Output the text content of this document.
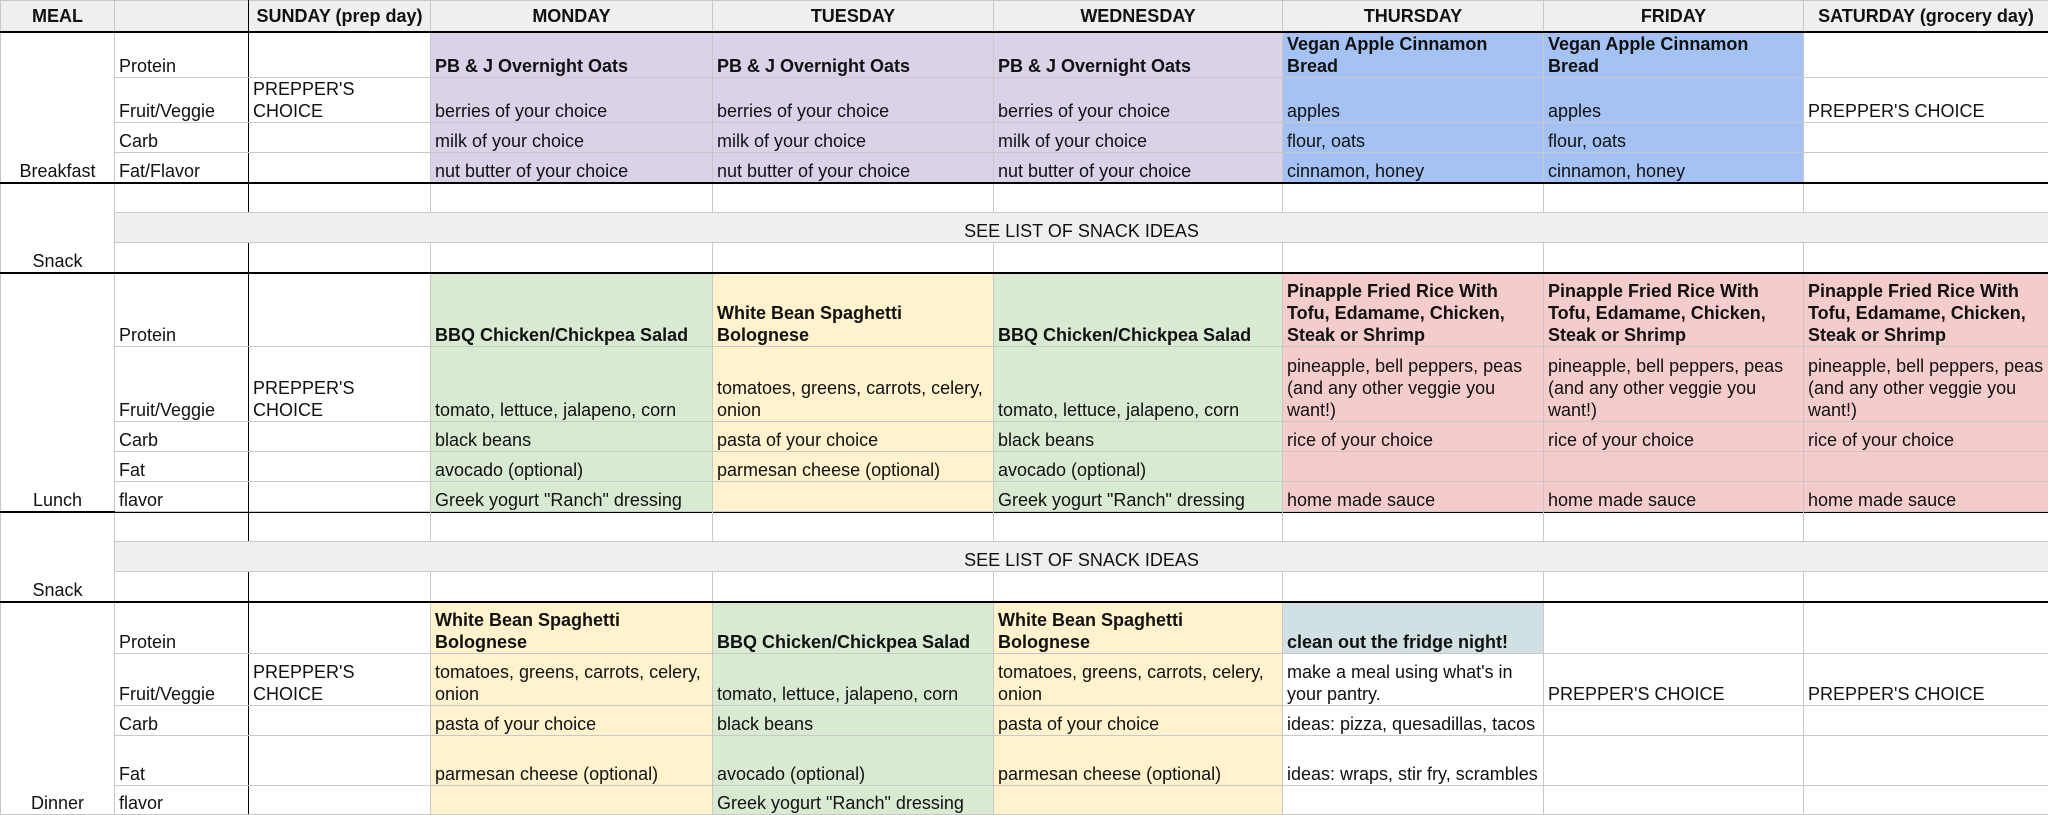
MEAL		SUNDAY (prep day)	MONDAY	TUESDAY	WEDNESDAY	THURSDAY	FRIDAY	SATURDAY (grocery day)
Breakfast	Protein		PB & J Overnight Oats	PB & J Overnight Oats	PB & J Overnight Oats	Vegan Apple Cinnamon Bread	Vegan Apple Cinnamon Bread	
	Fruit/Veggie	PREPPER'S CHOICE	berries of your choice	berries of your choice	berries of your choice	apples	apples	PREPPER'S CHOICE
	Carb		milk of your choice	milk of your choice	milk of your choice	flour, oats	flour, oats	
	Fat/Flavor		nut butter of your choice	nut butter of your choice	nut butter of your choice	cinnamon, honey	cinnamon, honey	
Snack								
	SEE LIST OF SNACK IDEAS							

Lunch	Protein		BBQ Chicken/Chickpea Salad	White Bean Spaghetti Bolognese	BBQ Chicken/Chickpea Salad	Pinapple Fried Rice With Tofu, Edamame, Chicken, Steak or Shrimp	Pinapple Fried Rice With Tofu, Edamame, Chicken, Steak or Shrimp	Pinapple Fried Rice With Tofu, Edamame, Chicken, Steak or Shrimp
	Fruit/Veggie	PREPPER'S CHOICE	tomato, lettuce, jalapeno, corn	tomatoes, greens, carrots, celery, onion	tomato, lettuce, jalapeno, corn	pineapple, bell peppers, peas (and any other veggie you want!)	pineapple, bell peppers, peas (and any other veggie you want!)	pineapple, bell peppers, peas (and any other veggie you want!)
	Carb		black beans	pasta of your choice	black beans	rice of your choice	rice of your choice	rice of your choice
	Fat		avocado (optional)	parmesan cheese (optional)	avocado (optional)			
	flavor		Greek yogurt "Ranch" dressing		Greek yogurt "Ranch" dressing	home made sauce	home made sauce	home made sauce

Snack								
	SEE LIST OF SNACK IDEAS							

Dinner	Protein		White Bean Spaghetti Bolognese	BBQ Chicken/Chickpea Salad	White Bean Spaghetti Bolognese	clean out the fridge night!		
	Fruit/Veggie	PREPPER'S CHOICE	tomatoes, greens, carrots, celery, onion	tomato, lettuce, jalapeno, corn	tomatoes, greens, carrots, celery, onion	make a meal using what's in your pantry.	PREPPER'S CHOICE	PREPPER'S CHOICE
	Carb		pasta of your choice	black beans	pasta of your choice	ideas: pizza, quesadillas, tacos		
	Fat		parmesan cheese (optional)	avocado (optional)	parmesan cheese (optional)	ideas: wraps, stir fry, scrambles		
	flavor			Greek yogurt "Ranch" dressing				
